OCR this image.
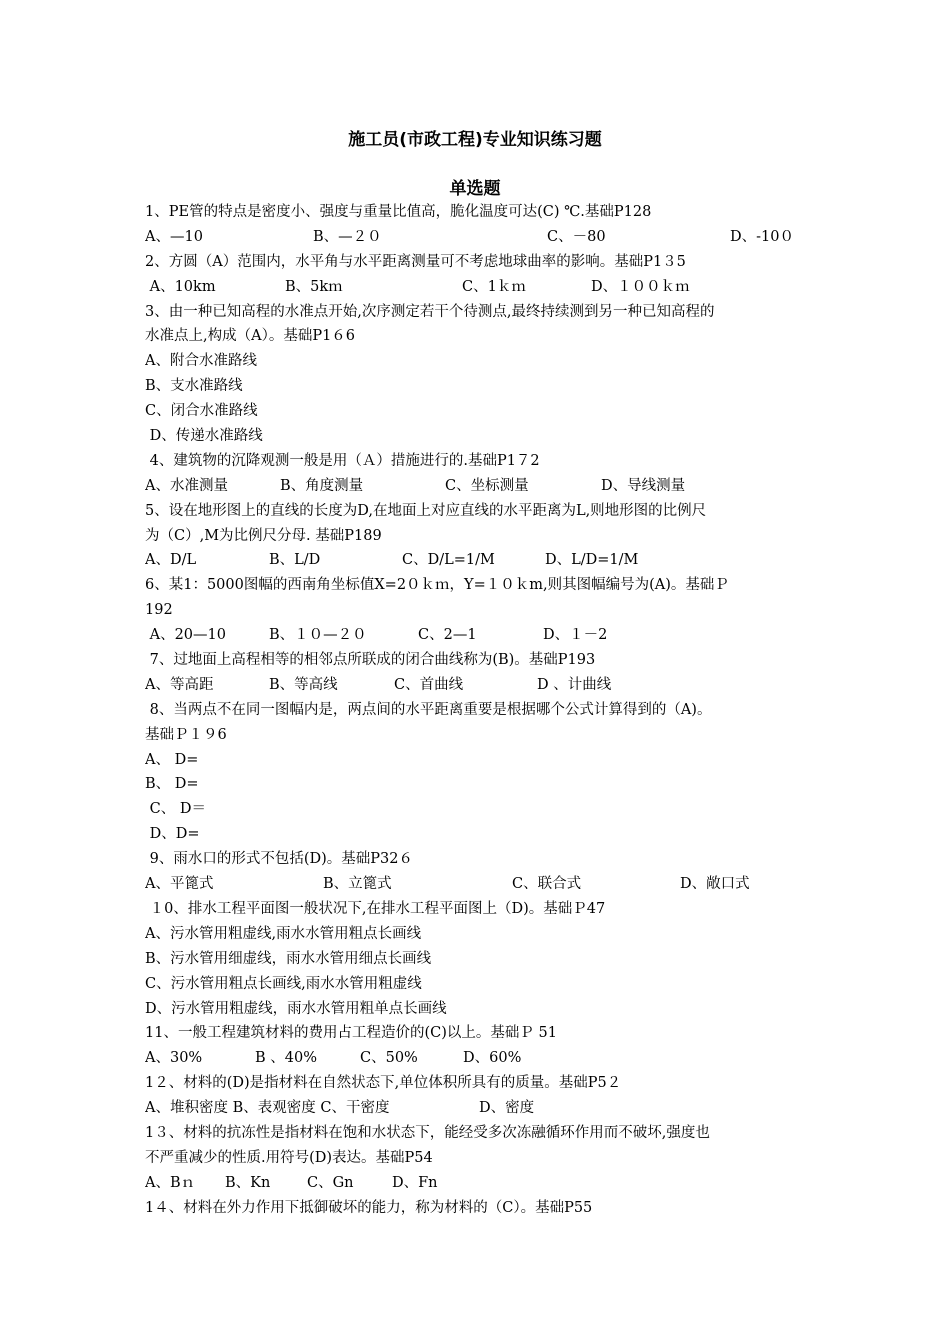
施工员(市政工程)专业知识练习题
单选题
1、PE管的特点是密度小、强度与重量比值高，脆化温度可达(C) ℃.基础P128

A、—10

	B、—２０

	C、－80

	D、-10０

2、方圆（A）范围内，水平角与水平距离测量可不考虑地球曲率的影响。基础P1３5

A、10km

	B、5kｍ

	C、1ｋｍ

	D、１００ｋｍ

3、由一种已知高程的水准点开始,次序测定若干个待测点,最终持续测到另一种已知高程的
水准点上,构成（A）。基础P1６6
A、附合水准路线
B、支水准路线
C、闭合水准路线
D、传递水准路线
4、建筑物的沉降观测一般是用（Ａ）措施进行的.基础P1７2

A、水准测量

	B、角度测量

	C、坐标测量

	D、导线测量

5、设在地形图上的直线的长度为D,在地面上对应直线的水平距离为L,则地形图的比例尺
为（C）,M为比例尺分母. 基础P189

A、D/L

	B、L/D

	C、D/L=1/M

	D、L/D=1/M

6、某1：5000图幅的西南角坐标值X=2０ｋｍ，Y=１０ｋm,则其图幅编号为(A)。基础Ｐ
192

A、20—10

	B、１０—２０

	C、2—1

	D、１－2

7、过地面上高程相等的相邻点所联成的闭合曲线称为(B)。基础P193

A、等高距

	B、等高线

	C、首曲线

	D 、计曲线

8、当两点不在同一图幅内是，两点间的水平距离重要是根据哪个公式计算得到的（A)。
基础Ｐ１９6
A、 D=
B、 D=
C、 D＝
D、D=
9、雨水口的形式不包括(D)。基础P32６

A、平篦式

	B、立篦式

	C、联合式

	D、敞口式

１0、排水工程平面图一般状况下,在排水工程平面图上（D)。基础Ｐ47
A、污水管用粗虚线,雨水水管用粗点长画线
B、污水管用细虚线，雨水水管用细点长画线
C、污水管用粗点长画线,雨水水管用粗虚线
D、污水管用粗虚线，雨水水管用粗单点长画线
11、一般工程建筑材料的费用占工程造价的(C)以上。基础Ｐ 51

A、30%

	B 、40%

	C、50%

	D、60%

1２、材料的(D)是指材料在自然状态下,单位体积所具有的质量。基础P5２

A、堆积密度 B、表观密度 C、干密度

	D、密度

1３、材料的抗冻性是指材料在饱和水状态下，能经受多次冻融循环作用而不破坏,强度也
不严重减少的性质.用符号(D)表达。基础P54

A、Bｎ

B、Kn

	C、Gn

	D、Fn

1４、材料在外力作用下抵御破坏的能力，称为材料的（C）。基础P55
